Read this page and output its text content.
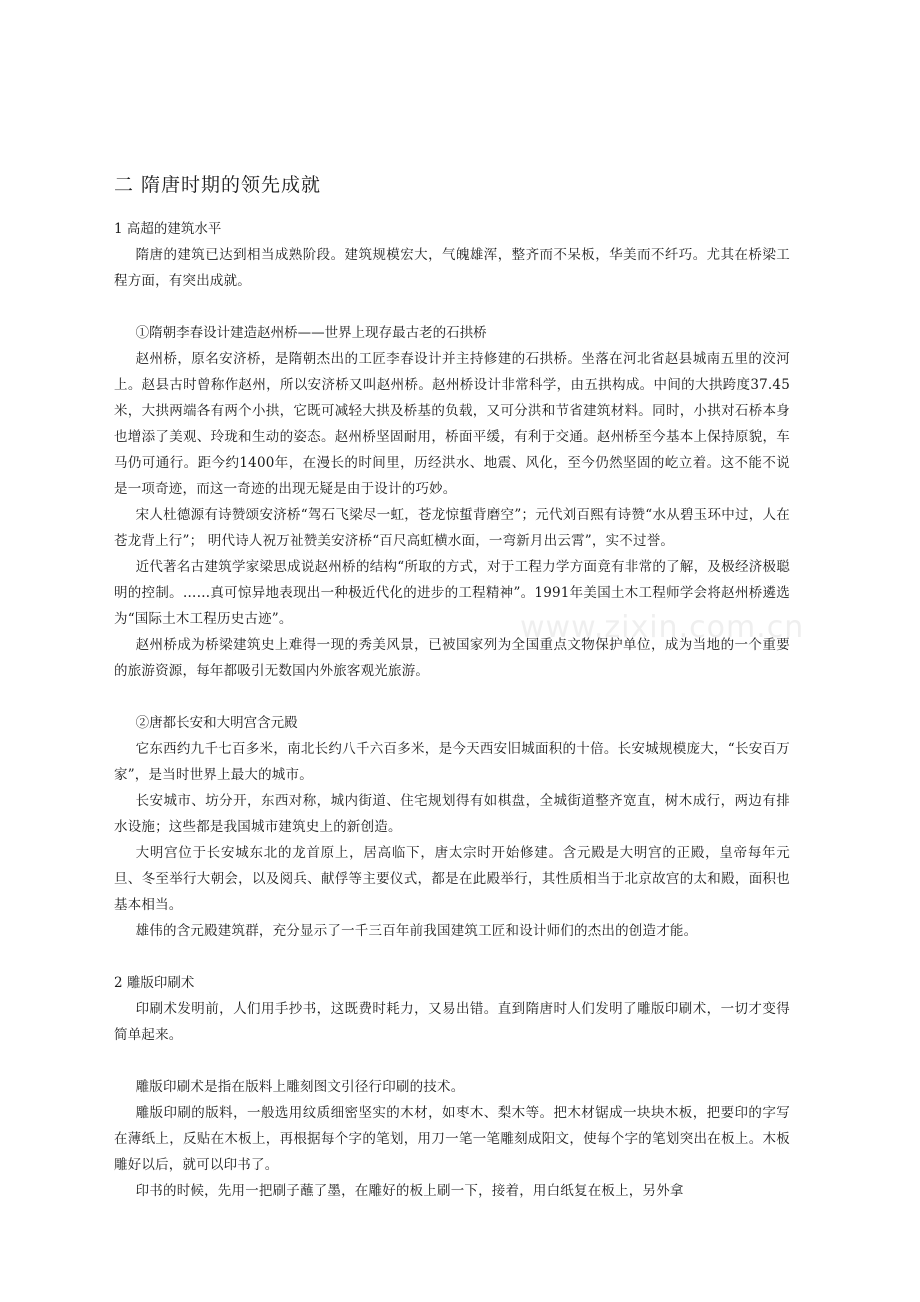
www.zixin.com.cn
二 隋唐时期的领先成就
1 高超的建筑水平

隋唐的建筑已达到相当成熟阶段。建筑规模宏大，气魄雄浑，整齐而不呆板，华美而不纤巧。尤其在桥梁工程方面，有突出成就。

①隋朝李春设计建造赵州桥——世界上现存最古老的石拱桥

赵州桥，原名安济桥，是隋朝杰出的工匠李春设计并主持修建的石拱桥。坐落在河北省赵县城南五里的洨河上。赵县古时曾称作赵州，所以安济桥又叫赵州桥。赵州桥设计非常科学，由五拱构成。中间的大拱跨度37.45米，大拱两端各有两个小拱，它既可减轻大拱及桥基的负载，又可分洪和节省建筑材料。同时，小拱对石桥本身也增添了美观、玲珑和生动的姿态。赵州桥坚固耐用，桥面平缓，有利于交通。赵州桥至今基本上保持原貌，车马仍可通行。距今约1400年，在漫长的时间里，历经洪水、地震、风化，至今仍然坚固的屹立着。这不能不说是一项奇迹，而这一奇迹的出现无疑是由于设计的巧妙。

宋人杜德源有诗赞颂安济桥“驾石飞梁尽一虹，苍龙惊蜇背磨空”；元代刘百熙有诗赞“水从碧玉环中过，人在苍龙背上行”； 明代诗人祝万祉赞美安济桥“百尺高虹横水面，一弯新月出云霄”，实不过誉。

近代著名古建筑学家梁思成说赵州桥的结构“所取的方式，对于工程力学方面竟有非常的了解，及极经济极聪明的控制。……真可惊异地表现出一种极近代化的进步的工程精神”。1991年美国土木工程师学会将赵州桥遴选为“国际土木工程历史古迹”。

赵州桥成为桥梁建筑史上难得一现的秀美风景，已被国家列为全国重点文物保护单位，成为当地的一个重要的旅游资源，每年都吸引无数国内外旅客观光旅游。

②唐都长安和大明宫含元殿

它东西约九千七百多米，南北长约八千六百多米，是今天西安旧城面积的十倍。长安城规模庞大，“长安百万家”，是当时世界上最大的城市。

长安城市、坊分开，东西对称，城内街道、住宅规划得有如棋盘，全城街道整齐宽直，树木成行，两边有排水设施；这些都是我国城市建筑史上的新创造。

大明宫位于长安城东北的龙首原上，居高临下，唐太宗时开始修建。含元殿是大明宫的正殿，皇帝每年元旦、冬至举行大朝会，以及阅兵、献俘等主要仪式，都是在此殿举行，其性质相当于北京故宫的太和殿，面积也基本相当。

雄伟的含元殿建筑群，充分显示了一千三百年前我国建筑工匠和设计师们的杰出的创造才能。

2 雕版印刷术

印刷术发明前，人们用手抄书，这既费时耗力，又易出错。直到隋唐时人们发明了雕版印刷术，一切才变得简单起来。

雕版印刷术是指在版料上雕刻图文引径行印刷的技术。

雕版印刷的版料，一般选用纹质细密坚实的木材，如枣木、梨木等。把木材锯成一块块木板，把要印的字写在薄纸上，反贴在木板上，再根据每个字的笔划，用刀一笔一笔雕刻成阳文，使每个字的笔划突出在板上。木板雕好以后，就可以印书了。

印书的时候，先用一把刷子蘸了墨，在雕好的板上刷一下，接着，用白纸复在板上，另外拿
